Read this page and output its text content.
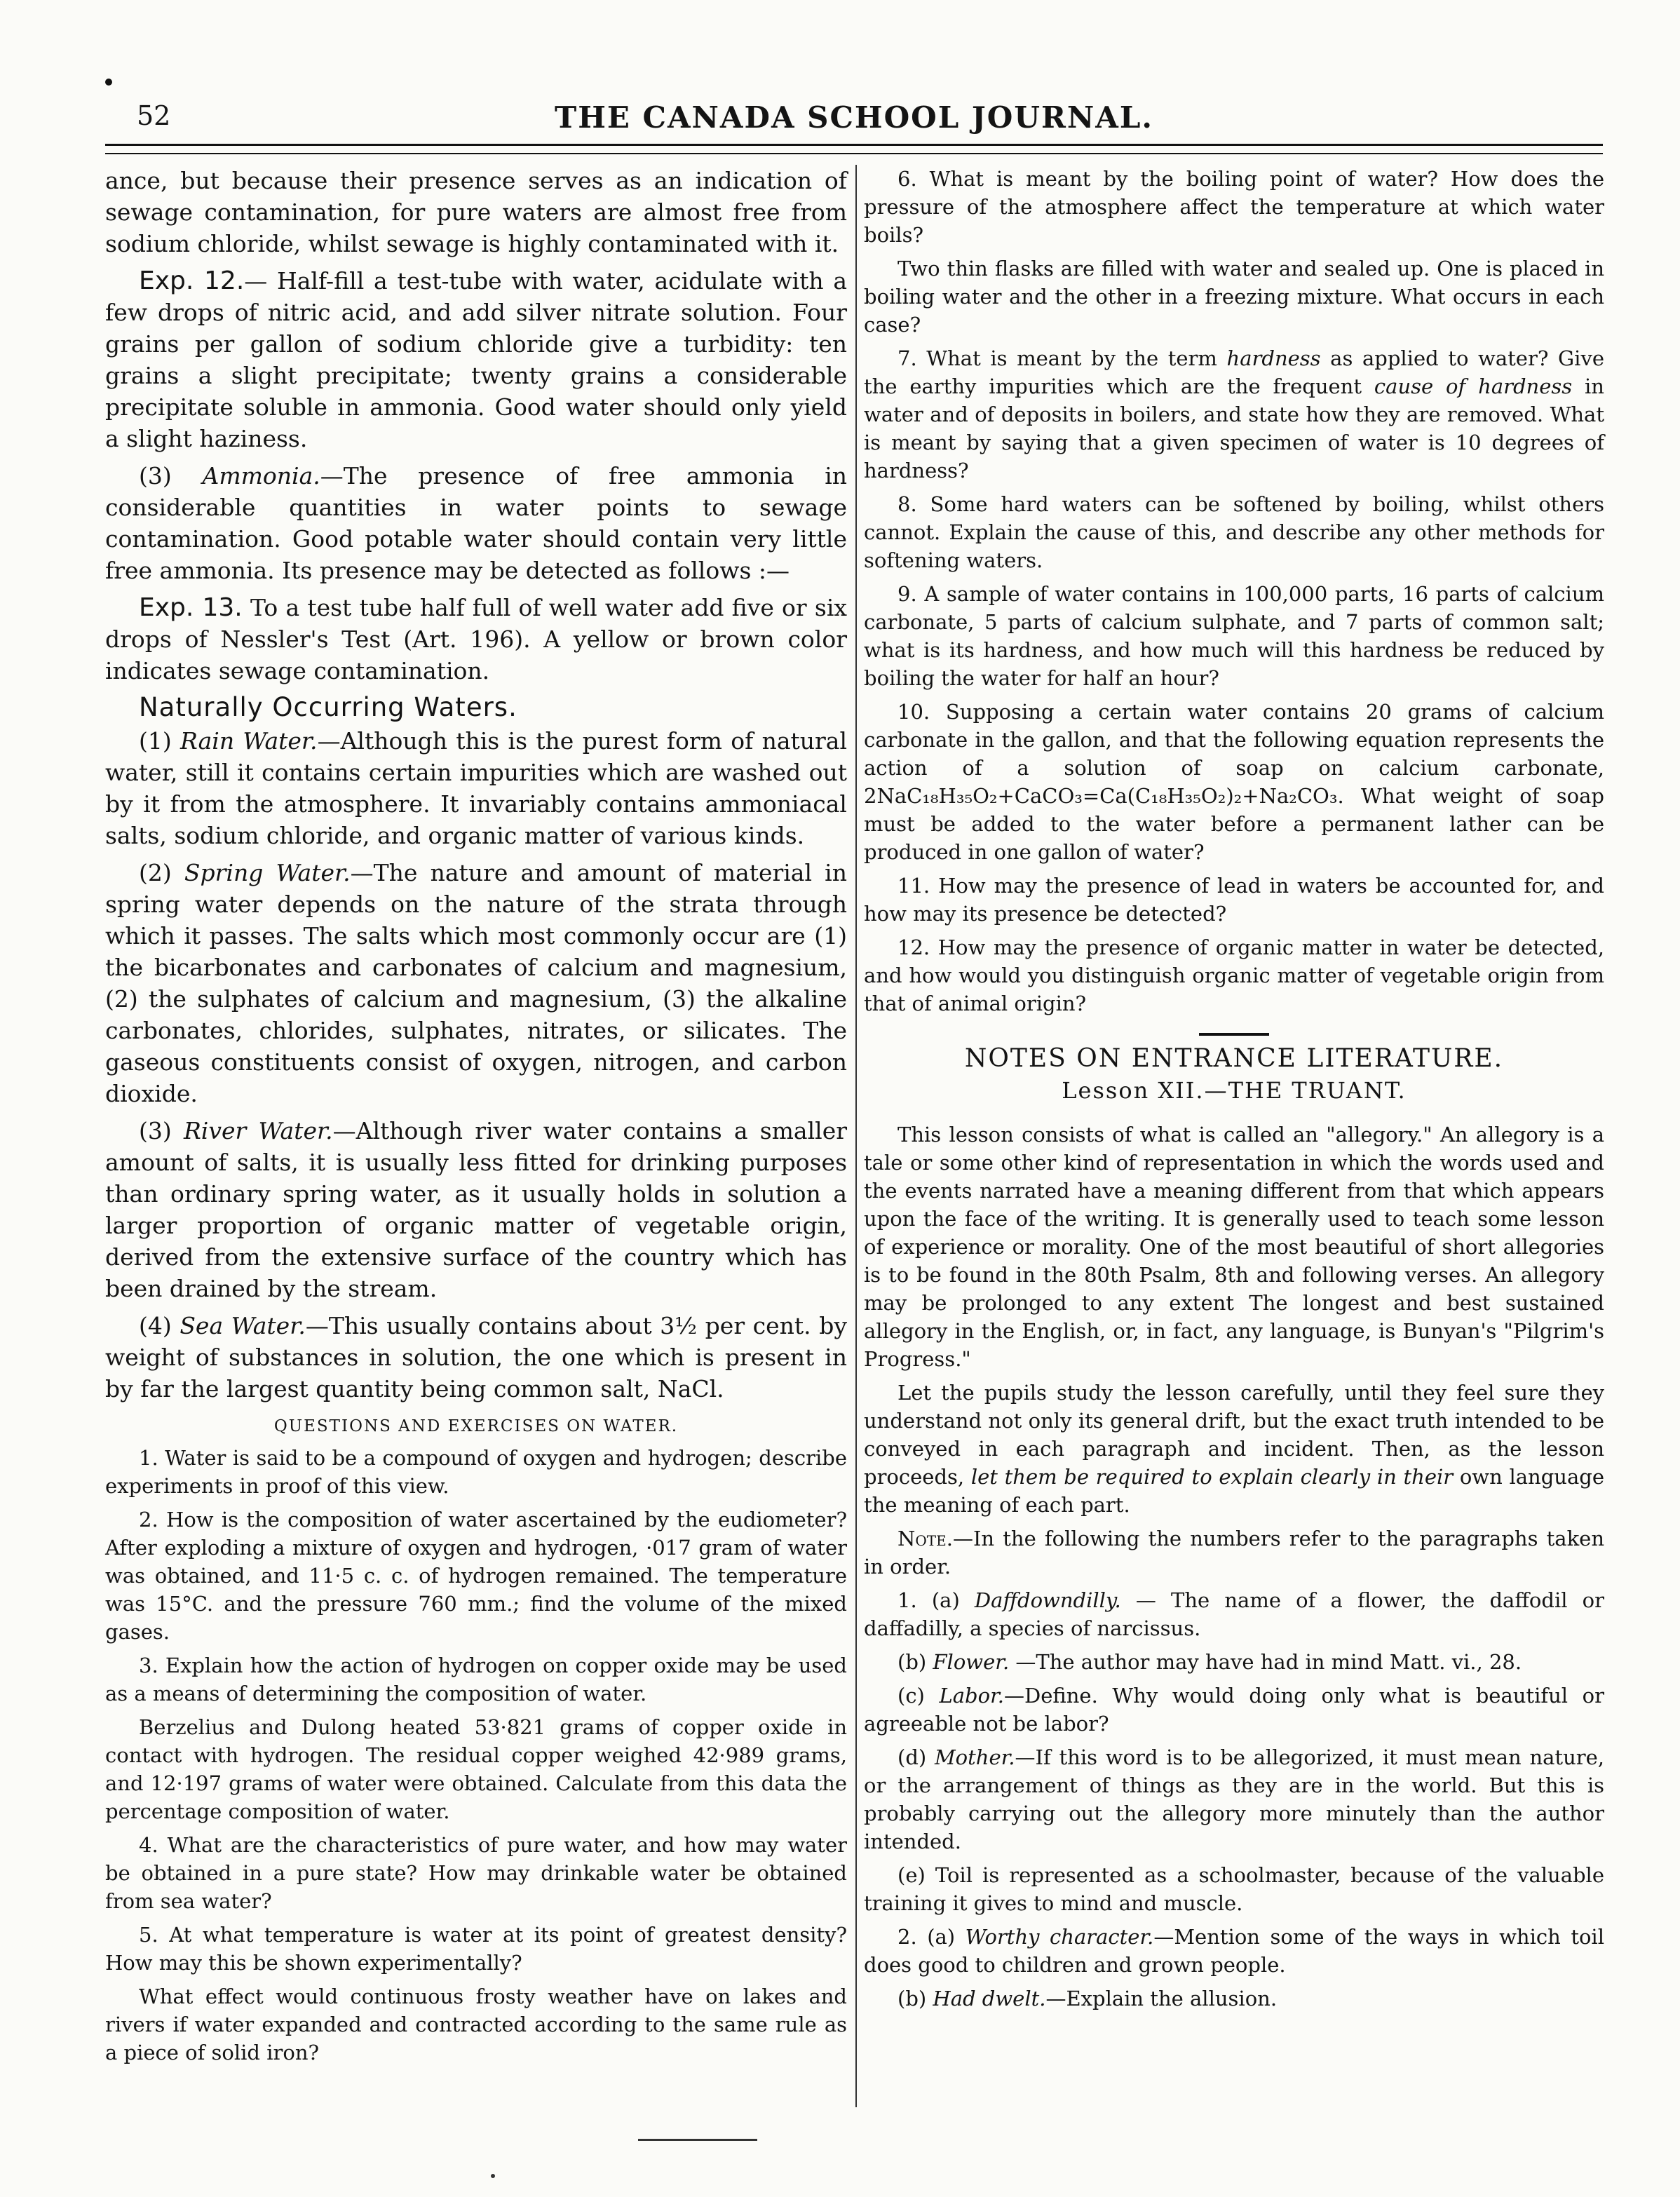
52	THE CANADA SCHOOL JOURNAL.

ance, but because their presence serves as an indication of sewage contamination, for pure waters are almost free from sodium chloride, whilst sewage is highly contaminated with it.

Exp. 12.— Half-fill a test-tube with water, acidulate with a few drops of nitric acid, and add silver nitrate solution. Four grains per gallon of sodium chloride give a turbidity: ten grains a slight precipitate; twenty grains a considerable precipitate soluble in ammonia. Good water should only yield a slight haziness.

(3) Ammonia.—The presence of free ammonia in considerable quantities in water points to sewage contamination. Good potable water should contain very little free ammonia. Its presence may be detected as follows :—

Exp. 13. To a test tube half full of well water add five or six drops of Nessler's Test (Art. 196). A yellow or brown color indicates sewage contamination.

Naturally Occurring Waters.

(1) Rain Water.—Although this is the purest form of natural water, still it contains certain impurities which are washed out by it from the atmosphere. It invariably contains ammoniacal salts, sodium chloride, and organic matter of various kinds.

(2) Spring Water.—The nature and amount of material in spring water depends on the nature of the strata through which it passes. The salts which most commonly occur are (1) the bicarbonates and carbonates of calcium and magnesium, (2) the sulphates of calcium and magnesium, (3) the alkaline carbonates, chlorides, sulphates, nitrates, or silicates. The gaseous constituents consist of oxygen, nitrogen, and carbon dioxide.

(3) River Water.—Although river water contains a smaller amount of salts, it is usually less fitted for drinking purposes than ordinary spring water, as it usually holds in solution a larger proportion of organic matter of vegetable origin, derived from the extensive surface of the country which has been drained by the stream.

(4) Sea Water.—This usually contains about 3½ per cent. by weight of substances in solution, the one which is present in by far the largest quantity being common salt, NaCl.

QUESTIONS AND EXERCISES ON WATER.

1. Water is said to be a compound of oxygen and hydrogen; describe experiments in proof of this view.

2. How is the composition of water ascertained by the eudiometer? After exploding a mixture of oxygen and hydrogen, ·017 gram of water was obtained, and 11·5 c. c. of hydrogen remained. The temperature was 15°C. and the pressure 760 mm.; find the volume of the mixed gases.

3. Explain how the action of hydrogen on copper oxide may be used as a means of determining the composition of water.

Berzelius and Dulong heated 53·821 grams of copper oxide in contact with hydrogen. The residual copper weighed 42·989 grams, and 12·197 grams of water were obtained. Calculate from this data the percentage composition of water.

4. What are the characteristics of pure water, and how may water be obtained in a pure state? How may drinkable water be obtained from sea water?

5. At what temperature is water at its point of greatest density? How may this be shown experimentally?

What effect would continuous frosty weather have on lakes and rivers if water expanded and contracted according to the same rule as a piece of solid iron?

6. What is meant by the boiling point of water? How does the pressure of the atmosphere affect the temperature at which water boils?

Two thin flasks are filled with water and sealed up. One is placed in boiling water and the other in a freezing mixture. What occurs in each case?

7. What is meant by the term hardness as applied to water? Give the earthy impurities which are the frequent cause of hardness in water and of deposits in boilers, and state how they are removed. What is meant by saying that a given specimen of water is 10 degrees of hardness?

8. Some hard waters can be softened by boiling, whilst others cannot. Explain the cause of this, and describe any other methods for softening waters.

9. A sample of water contains in 100,000 parts, 16 parts of calcium carbonate, 5 parts of calcium sulphate, and 7 parts of common salt; what is its hardness, and how much will this hardness be reduced by boiling the water for half an hour?

10. Supposing a certain water contains 20 grams of calcium carbonate in the gallon, and that the following equation represents the action of a solution of soap on calcium carbonate, 2NaC₁₈H₃₅O₂+CaCO₃=Ca(C₁₈H₃₅O₂)₂+Na₂CO₃. What weight of soap must be added to the water before a permanent lather can be produced in one gallon of water?

11. How may the presence of lead in waters be accounted for, and how may its presence be detected?

12. How may the presence of organic matter in water be detected, and how would you distinguish organic matter of vegetable origin from that of animal origin?

NOTES ON ENTRANCE LITERATURE.
Lesson XII.—THE TRUANT.

This lesson consists of what is called an "allegory." An allegory is a tale or some other kind of representation in which the words used and the events narrated have a meaning different from that which appears upon the face of the writing. It is generally used to teach some lesson of experience or morality. One of the most beautiful of short allegories is to be found in the 80th Psalm, 8th and following verses. An allegory may be prolonged to any extent The longest and best sustained allegory in the English, or, in fact, any language, is Bunyan's "Pilgrim's Progress."

Let the pupils study the lesson carefully, until they feel sure they understand not only its general drift, but the exact truth intended to be conveyed in each paragraph and incident. Then, as the lesson proceeds, let them be required to explain clearly in their own language the meaning of each part.

Note.—In the following the numbers refer to the paragraphs taken in order.

1. (a) Daffdowndilly. — The name of a flower, the daffodil or daffadilly, a species of narcissus.

(b) Flower. —The author may have had in mind Matt. vi., 28.

(c) Labor.—Define. Why would doing only what is beautiful or agreeable not be labor?

(d) Mother.—If this word is to be allegorized, it must mean nature, or the arrangement of things as they are in the world. But this is probably carrying out the allegory more minutely than the author intended.

(e) Toil is represented as a schoolmaster, because of the valuable training it gives to mind and muscle.

2. (a) Worthy character.—Mention some of the ways in which toil does good to children and grown people.

(b) Had dwelt.—Explain the allusion.
